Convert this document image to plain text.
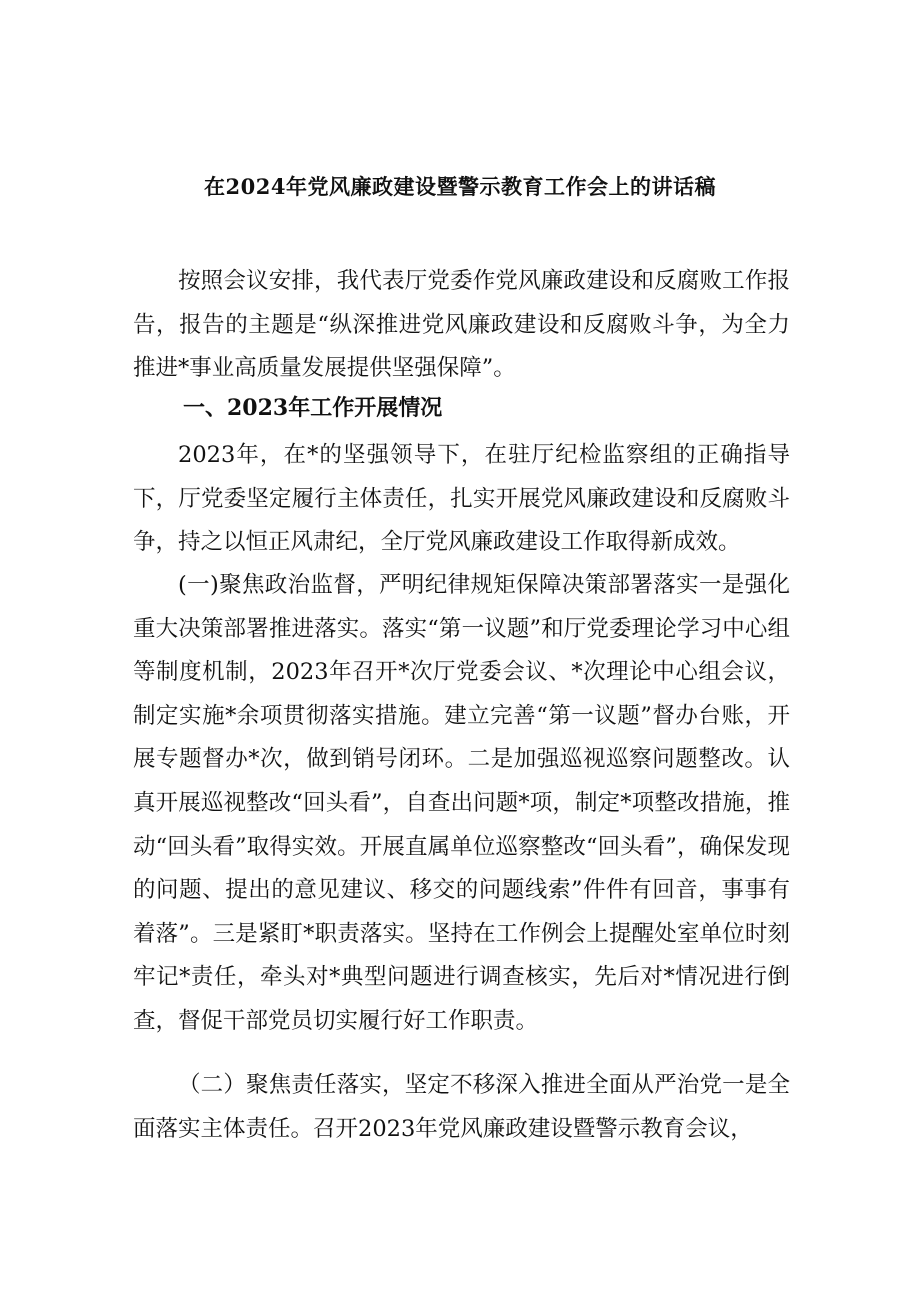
在2024年党风廉政建设暨警示教育工作会上的讲话稿

按照会议安排，我代表厅党委作党风廉政建设和反腐败工作报告，报告的主题是“纵深推进党风廉政建设和反腐败斗争，为全力推进*事业高质量发展提供坚强保障”。

一、2023年工作开展情况

2023年，在*的坚强领导下，在驻厅纪检监察组的正确指导下，厅党委坚定履行主体责任，扎实开展党风廉政建设和反腐败斗争，持之以恒正风肃纪，全厅党风廉政建设工作取得新成效。

(一)聚焦政治监督，严明纪律规矩保障决策部署落实一是强化重大决策部署推进落实。落实“第一议题”和厅党委理论学习中心组等制度机制，2023年召开*次厅党委会议、*次理论中心组会议，制定实施*余项贯彻落实措施。建立完善“第一议题”督办台账，开展专题督办*次，做到销号闭环。二是加强巡视巡察问题整改。认真开展巡视整改“回头看”，自查出问题*项，制定*项整改措施，推动“回头看”取得实效。开展直属单位巡察整改“回头看”，确保发现的问题、提出的意见建议、移交的问题线索”件件有回音，事事有着落”。三是紧盯*职责落实。坚持在工作例会上提醒处室单位时刻牢记*责任，牵头对*典型问题进行调查核实，先后对*情况进行倒查，督促干部党员切实履行好工作职责。

（二）聚焦责任落实，坚定不移深入推进全面从严治党一是全面落实主体责任。召开2023年党风廉政建设暨警示教育会议，
